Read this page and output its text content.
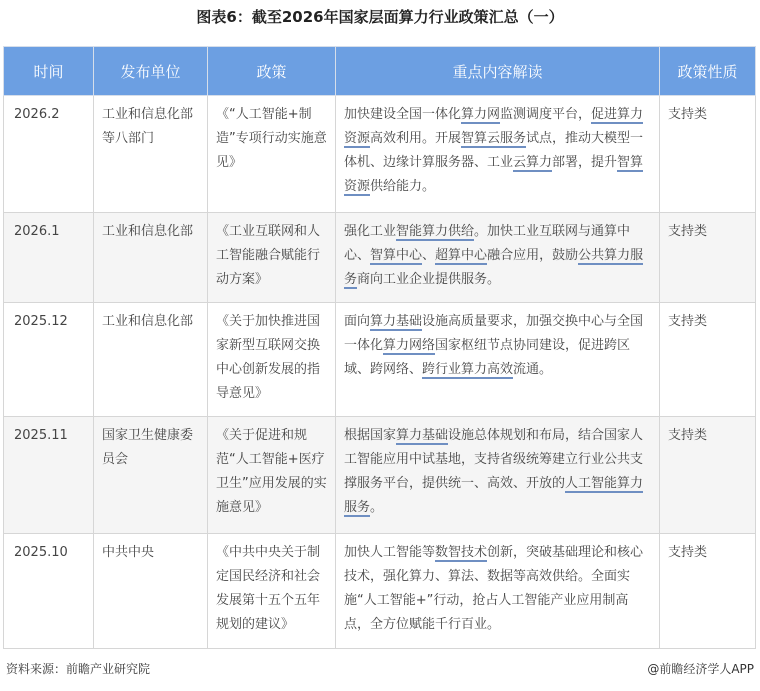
图表6：截至2026年国家层面算力行业政策汇总（一）
时间	发布单位	政策	重点内容解读	政策性质
2026.2	工业和信息化部等八部门	《“人工智能+制造”专项行动实施意见》	加快建设全国一体化算力网监测调度平台，促进算力资源高效利用。开展智算云服务试点，推动大模型一体机、边缘计算服务器、工业云算力部署，提升智算资源供给能力。	支持类
2026.1	工业和信息化部	《工业互联网和人工智能融合赋能行动方案》	强化工业智能算力供给。加快工业互联网与通算中心、智算中心、超算中心融合应用，鼓励公共算力服务商向工业企业提供服务。	支持类
2025.12	工业和信息化部	《关于加快推进国家新型互联网交换中心创新发展的指导意见》	面向算力基础设施高质量要求，加强交换中心与全国一体化算力网络国家枢纽节点协同建设，促进跨区域、跨网络、跨行业算力高效流通。	支持类
2025.11	国家卫生健康委员会	《关于促进和规范“人工智能+医疗卫生”应用发展的实施意见》	根据国家算力基础设施总体规划和布局，结合国家人工智能应用中试基地，支持省级统筹建立行业公共支撑服务平台，提供统一、高效、开放的人工智能算力服务。	支持类
2025.10	中共中央	《中共中央关于制定国民经济和社会发展第十五个五年规划的建议》	加快人工智能等数智技术创新，突破基础理论和核心技术，强化算力、算法、数据等高效供给。全面实施“人工智能+”行动，抢占人工智能产业应用制高点，全方位赋能千行百业。	支持类
资料来源：前瞻产业研究院	@前瞻经济学人APP
